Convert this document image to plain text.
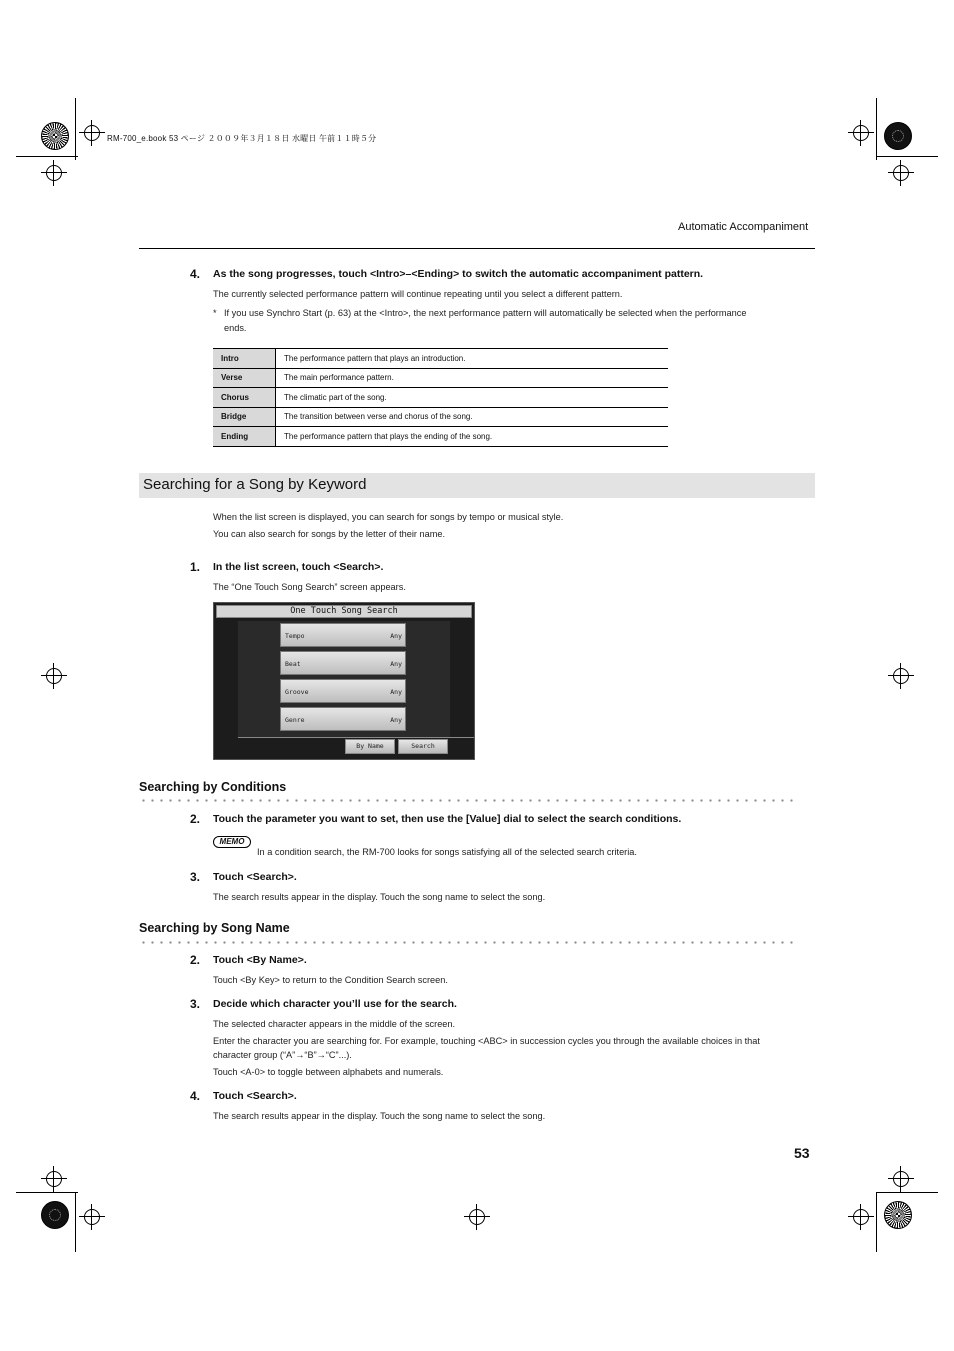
RM-700_e.book 53 ページ ２００９年３月１８日 水曜日 午前１１時５分
Automatic Accompaniment
4. As the song progresses, touch <Intro>–<Ending> to switch the automatic accompaniment pattern.
The currently selected performance pattern will continue repeating until you select a different pattern.
* If you use Synchro Start (p. 63) at the <Intro>, the next performance pattern will automatically be selected when the performance
ends.
Intro	The performance pattern that plays an introduction.
Verse	The main performance pattern.
Chorus	The climatic part of the song.
Bridge	The transition between verse and chorus of the song.
Ending	The performance pattern that plays the ending of the song.
Searching for a Song by Keyword
When the list screen is displayed, you can search for songs by tempo or musical style.
You can also search for songs by the letter of their name.
1. In the list screen, touch <Search>.
The “One Touch Song Search” screen appears.
One Touch Song Search
Tempo	Any
Beat	Any
Groove	Any
Genre	Any
By Name	Search
Searching by Conditions
2. Touch the parameter you want to set, then use the [Value] dial to select the search conditions.
MEMO
In a condition search, the RM-700 looks for songs satisfying all of the selected search criteria.
3. Touch <Search>.
The search results appear in the display. Touch the song name to select the song.
Searching by Song Name
2. Touch <By Name>.
Touch <By Key> to return to the Condition Search screen.
3. Decide which character you’ll use for the search.
The selected character appears in the middle of the screen.
Enter the character you are searching for. For example, touching <ABC> in succession cycles you through the available choices in that
character group (“A”→“B”→“C”...).
Touch <A-0> to toggle between alphabets and numerals.
4. Touch <Search>.
The search results appear in the display. Touch the song name to select the song.
53
